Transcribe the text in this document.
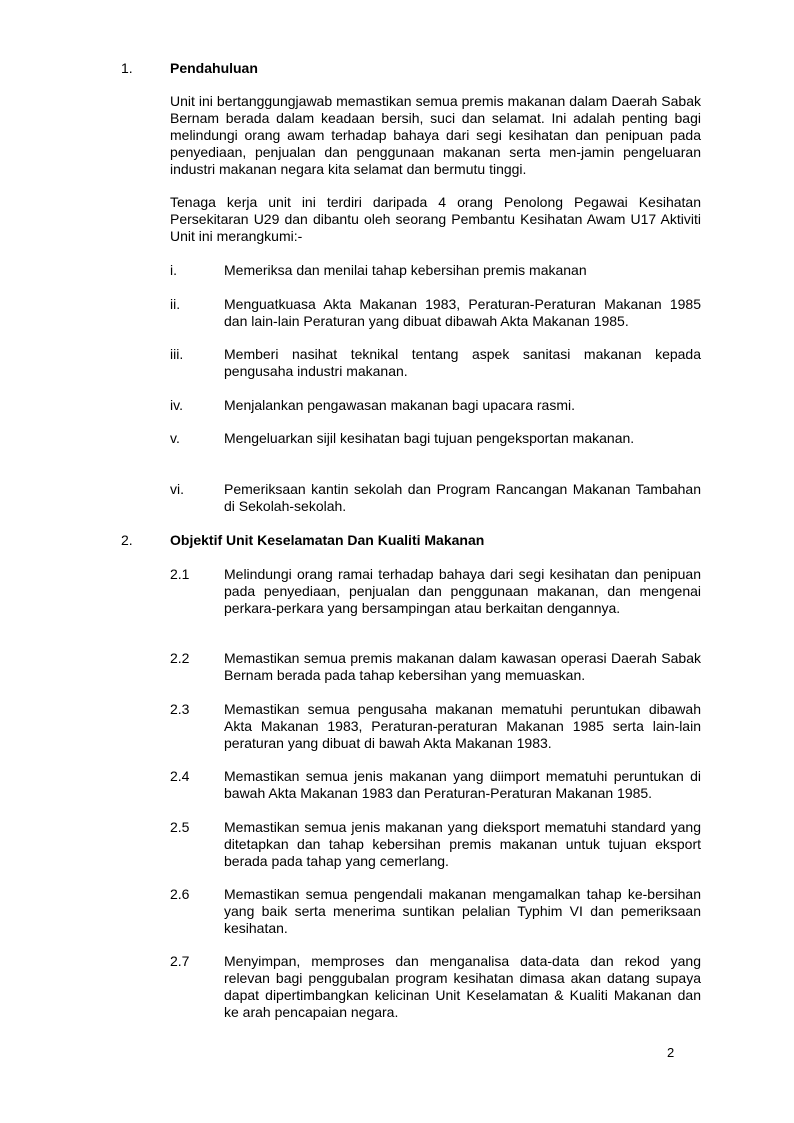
1.	Pendahuluan
Unit ini bertanggungjawab memastikan semua premis makanan dalam Daerah Sabak Bernam berada dalam keadaan bersih, suci dan selamat. Ini adalah penting bagi melindungi orang awam terhadap bahaya dari segi kesihatan dan penipuan pada penyediaan, penjualan dan penggunaan makanan serta men-jamin pengeluaran industri makanan negara kita selamat dan bermutu tinggi.
Tenaga kerja unit ini terdiri daripada 4 orang Penolong Pegawai Kesihatan Persekitaran U29 dan dibantu oleh seorang Pembantu Kesihatan Awam U17 Aktiviti Unit ini merangkumi:-
i.	Memeriksa dan menilai tahap kebersihan premis makanan
ii.	Menguatkuasa Akta Makanan 1983, Peraturan-Peraturan Makanan 1985 dan lain-lain Peraturan yang dibuat dibawah Akta Makanan 1985.
iii.	Memberi nasihat teknikal tentang aspek sanitasi makanan kepada pengusaha industri makanan.
iv.	Menjalankan pengawasan makanan bagi upacara rasmi.
v.	Mengeluarkan sijil kesihatan bagi tujuan pengeksportan makanan.
vi.	Pemeriksaan kantin sekolah dan Program Rancangan Makanan Tambahan di Sekolah-sekolah.
2.	Objektif Unit Keselamatan Dan Kualiti Makanan
2.1 Melindungi orang ramai terhadap bahaya dari segi kesihatan dan penipuan pada penyediaan, penjualan dan penggunaan makanan, dan mengenai perkara-perkara yang bersampingan atau berkaitan dengannya.
2.2 Memastikan semua premis makanan dalam kawasan operasi Daerah Sabak Bernam berada pada tahap kebersihan yang memuaskan.
2.3 Memastikan semua pengusaha makanan mematuhi peruntukan dibawah Akta Makanan 1983, Peraturan-peraturan Makanan 1985 serta lain-lain peraturan yang dibuat di bawah Akta Makanan 1983.
2.4 Memastikan semua jenis makanan yang diimport mematuhi peruntukan di bawah Akta Makanan 1983 dan Peraturan-Peraturan Makanan 1985.
2.5 Memastikan semua jenis makanan yang dieksport mematuhi standard yang ditetapkan dan tahap kebersihan premis makanan untuk tujuan eksport berada pada tahap yang cemerlang.
2.6 Memastikan semua pengendali makanan mengamalkan tahap ke-bersihan yang baik serta menerima suntikan pelalian Typhim VI dan pemeriksaan kesihatan.
2.7 Menyimpan, memproses dan menganalisa data-data dan rekod yang relevan bagi penggubalan program kesihatan dimasa akan datang supaya dapat dipertimbangkan kelicinan Unit Keselamatan & Kualiti Makanan dan ke arah pencapaian negara.
2
